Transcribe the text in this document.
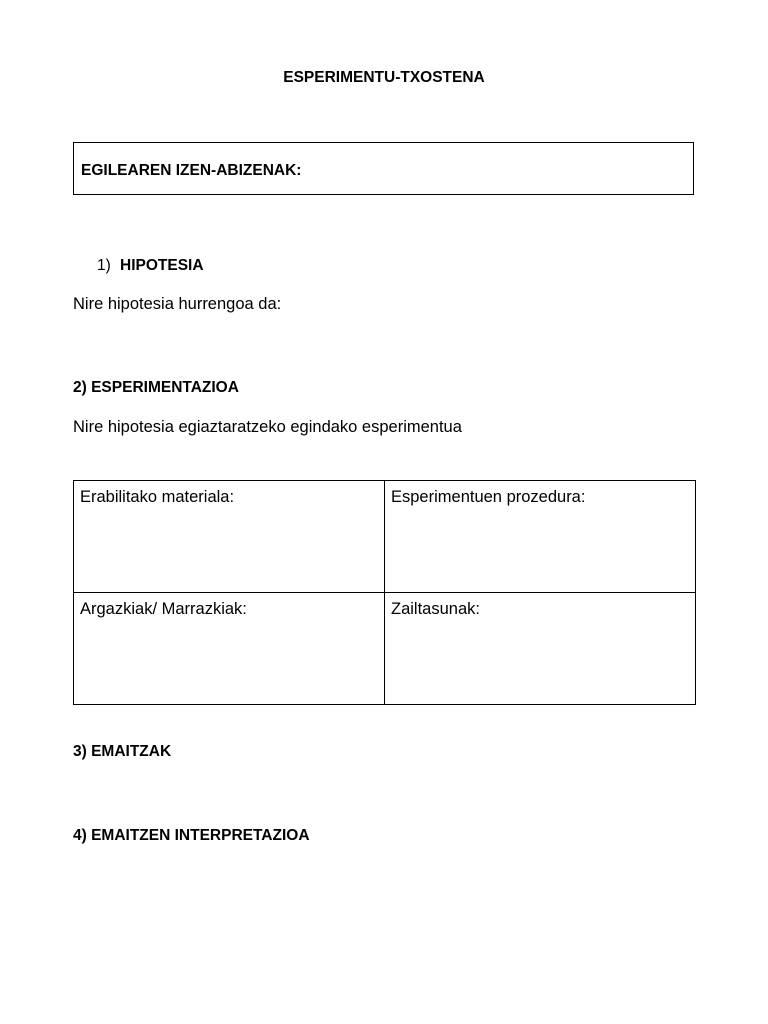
ESPERIMENTU-TXOSTENA
EGILEAREN IZEN-ABIZENAK:
1) HIPOTESIA
Nire hipotesia hurrengoa da:
2) ESPERIMENTAZIOA
Nire hipotesia egiaztaratzeko egindako esperimentua
Erabilitako materiala:	Esperimentuen prozedura:
Argazkiak/ Marrazkiak:	Zailtasunak:
3) EMAITZAK
4) EMAITZEN INTERPRETAZIOA
